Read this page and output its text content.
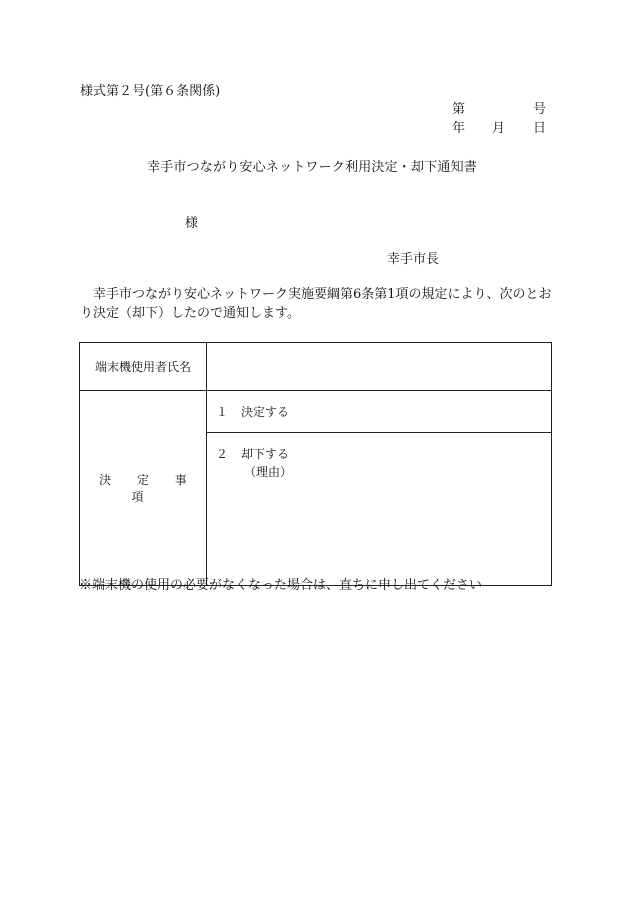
様式第２号(第６条関係)
第	号
年 月 日
幸手市つながり安心ネットワーク利用決定・却下通知書
様
幸手市長
幸手市つながり安心ネットワーク実施要綱第6条第1項の規定により、次のとおり決定（却下）したので通知します。
端末機使用者氏名	
決 定 事 項	１ 決定する
	２ 却下する
（理由）
※端末機の使用の必要がなくなった場合は、直ちに申し出てください
